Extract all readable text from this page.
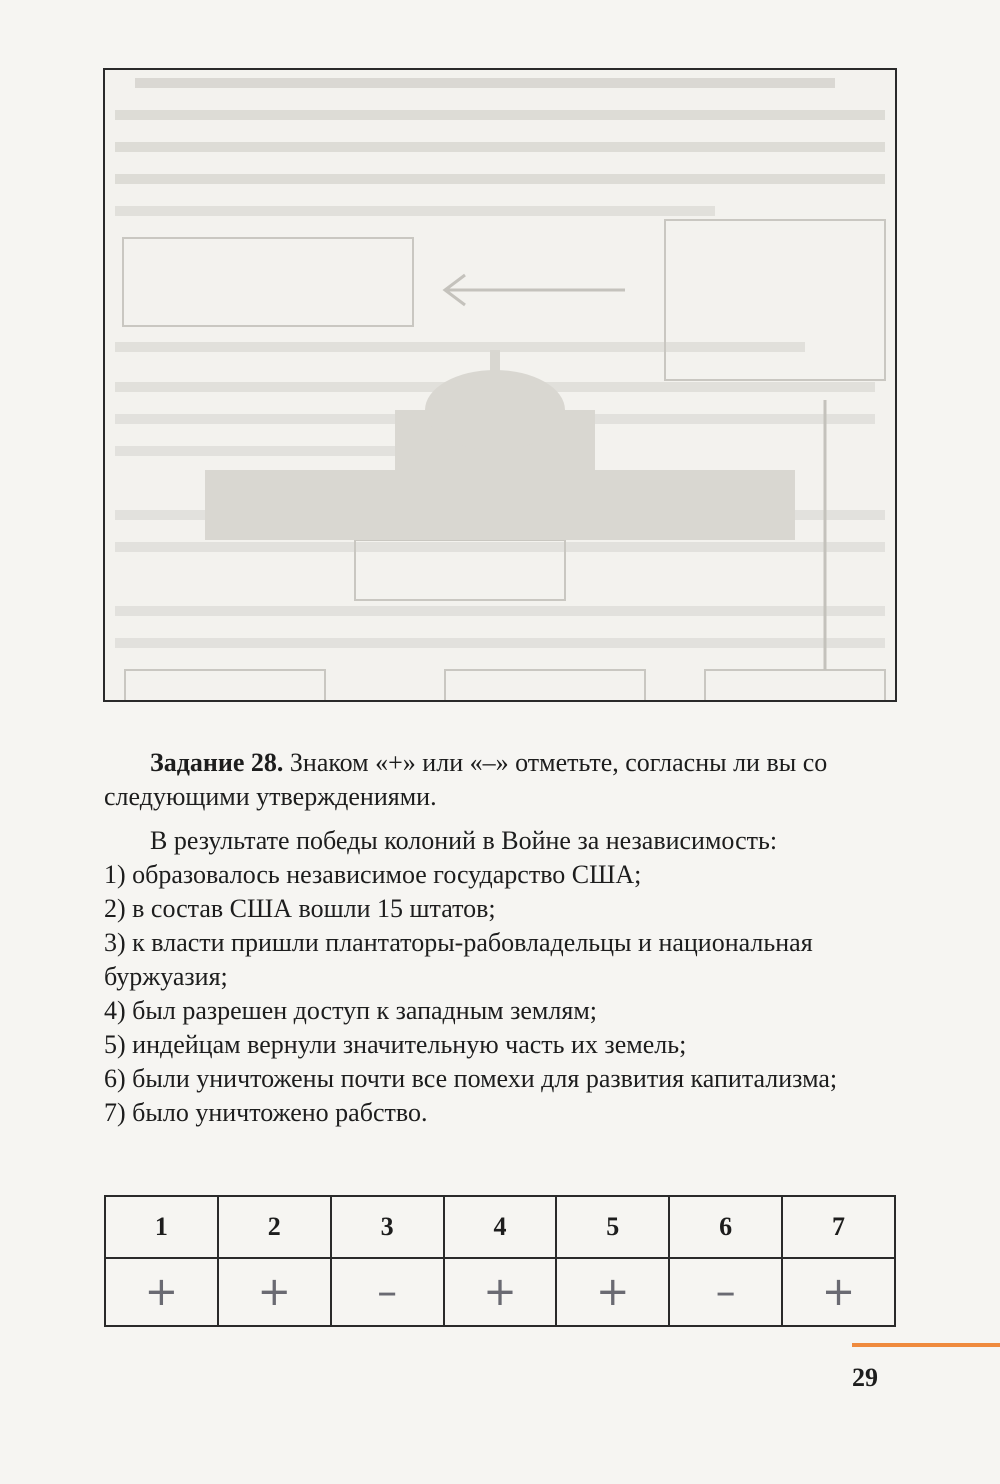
Задание 28. Знаком «+» или «–» отметьте, согласны ли вы со следующими утверждениями.

В результате победы колоний в Войне за независимость:

1) образовалось независимое государство США;
2) в состав США вошли 15 штатов;
3) к власти пришли плантаторы-рабовладельцы и национальная буржуазия;
4) был разрешен доступ к западным землям;
5) индейцам вернули значительную часть их земель;
6) были уничтожены почти все помехи для развития капитализма;
7) было уничтожено рабство.
1	2	3	4	5	6	7
+	+	–	+	+	–	+
29
